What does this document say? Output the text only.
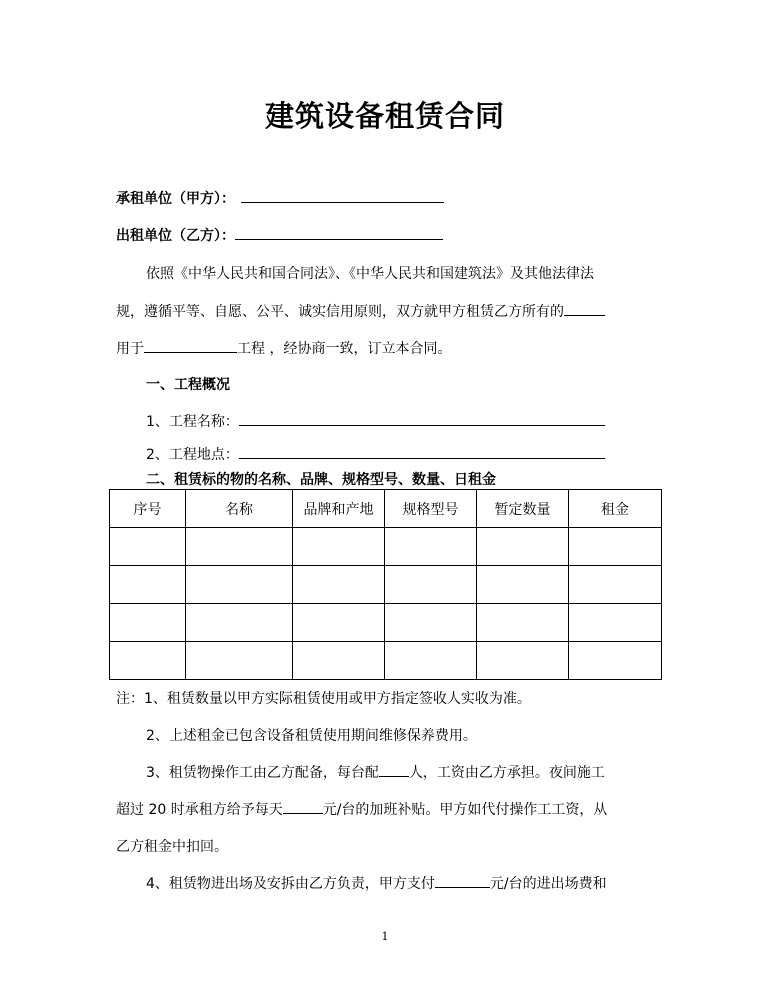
建筑设备租赁合同
承租单位（甲方）：
出租单位（乙方）：
依照《中华人民共和国合同法》、《中华人民共和国建筑法》及其他法律法
规，遵循平等、自愿、公平、诚实信用原则，双方就甲方租赁乙方所有的
用于	工程 ，经协商一致，订立本合同。
一、工程概况
1、工程名称：
2、工程地点：
二、租赁标的物的名称、品牌、规格型号、数量、日租金
序号	名称	品牌和产地	规格型号	暂定数量	租金

注：1、租赁数量以甲方实际租赁使用或甲方指定签收人实收为准。
2、上述租金已包含设备租赁使用期间维修保养费用。
3、租赁物操作工由乙方配备，每台配 人，工资由乙方承担。夜间施工
超过 20 时承租方给予每天	元/台的加班补贴。甲方如代付操作工工资，从
乙方租金中扣回。
4、租赁物进出场及安拆由乙方负责，甲方支付	元/台的进出场费和
1
